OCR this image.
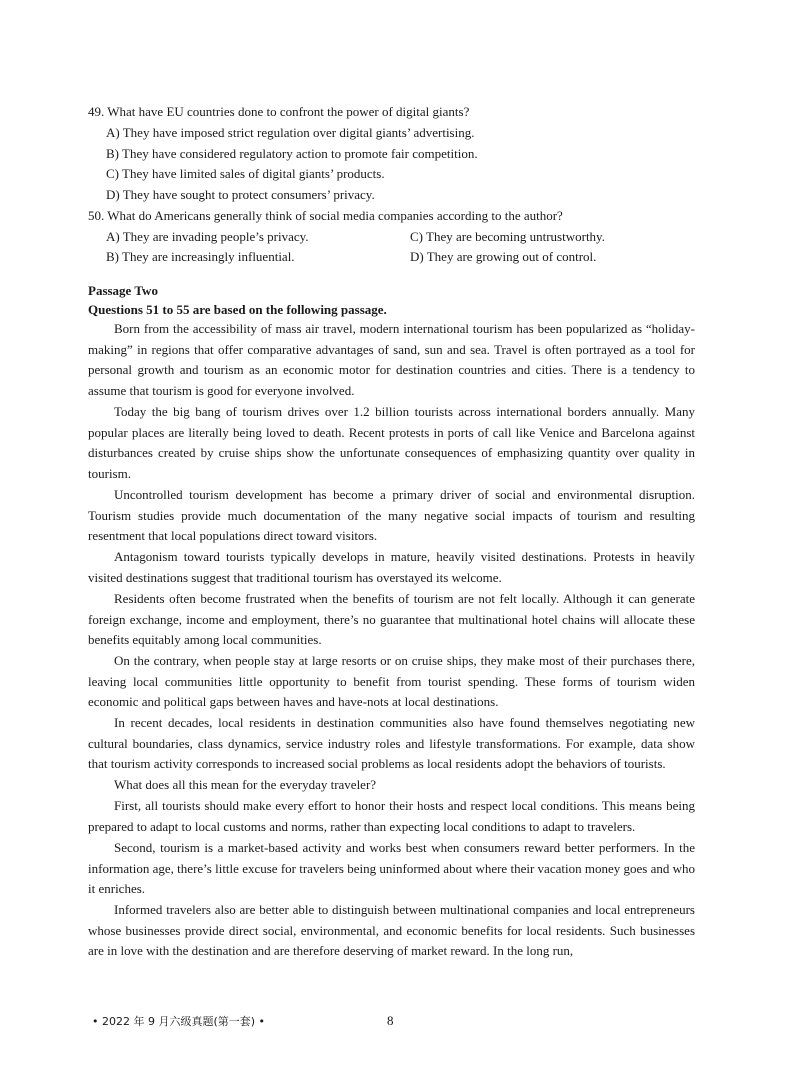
49. What have EU countries done to confront the power of digital giants?
A) They have imposed strict regulation over digital giants’ advertising.
B) They have considered regulatory action to promote fair competition.
C) They have limited sales of digital giants’ products.
D) They have sought to protect consumers’ privacy.
50. What do Americans generally think of social media companies according to the author?
A) They are invading people’s privacy.	C) They are becoming untrustworthy.
B) They are increasingly influential.	D) They are growing out of control.
Passage Two
Questions 51 to 55 are based on the following passage.
Born from the accessibility of mass air travel, modern international tourism has been popularized as “holiday-making” in regions that offer comparative advantages of sand, sun and sea. Travel is often portrayed as a tool for personal growth and tourism as an economic motor for destination countries and cities. There is a tendency to assume that tourism is good for everyone involved.
Today the big bang of tourism drives over 1.2 billion tourists across international borders annually. Many popular places are literally being loved to death. Recent protests in ports of call like Venice and Barcelona against disturbances created by cruise ships show the unfortunate consequences of emphasizing quantity over quality in tourism.
Uncontrolled tourism development has become a primary driver of social and environmental disruption. Tourism studies provide much documentation of the many negative social impacts of tourism and resulting resentment that local populations direct toward visitors.
Antagonism toward tourists typically develops in mature, heavily visited destinations. Protests in heavily visited destinations suggest that traditional tourism has overstayed its welcome.
Residents often become frustrated when the benefits of tourism are not felt locally. Although it can generate foreign exchange, income and employment, there’s no guarantee that multinational hotel chains will allocate these benefits equitably among local communities.
On the contrary, when people stay at large resorts or on cruise ships, they make most of their purchases there, leaving local communities little opportunity to benefit from tourist spending. These forms of tourism widen economic and political gaps between haves and have-nots at local destinations.
In recent decades, local residents in destination communities also have found themselves negotiating new cultural boundaries, class dynamics, service industry roles and lifestyle transformations. For example, data show that tourism activity corresponds to increased social problems as local residents adopt the behaviors of tourists.
What does all this mean for the everyday traveler?
First, all tourists should make every effort to honor their hosts and respect local conditions. This means being prepared to adapt to local customs and norms, rather than expecting local conditions to adapt to travelers.
Second, tourism is a market-based activity and works best when consumers reward better performers. In the information age, there’s little excuse for travelers being uninformed about where their vacation money goes and who it enriches.
Informed travelers also are better able to distinguish between multinational companies and local entrepreneurs whose businesses provide direct social, environmental, and economic benefits for local residents. Such businesses are in love with the destination and are therefore deserving of market reward. In the long run,
• 2022 年 9 月六级真题(第一套) •	8
